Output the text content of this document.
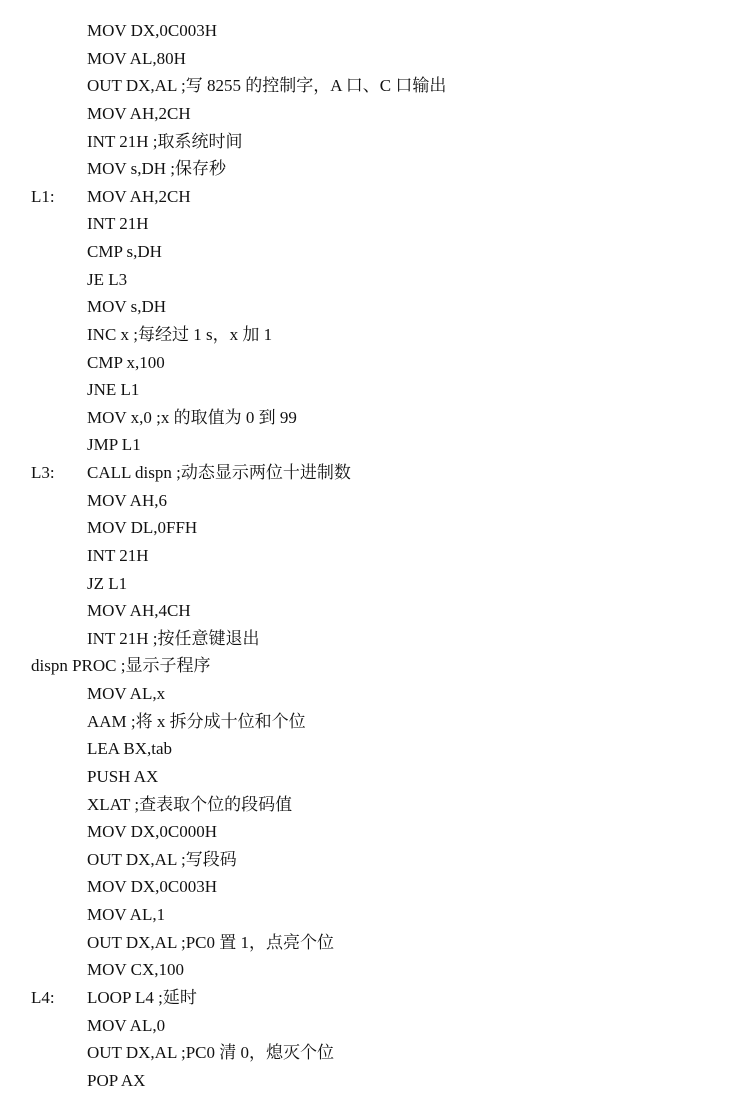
MOV DX,0C003H
MOV AL,80H
OUT DX,AL ;写 8255 的控制字，A 口、C 口输出
MOV AH,2CH
INT 21H ;取系统时间
MOV s,DH ;保存秒
L1: MOV AH,2CH
INT 21H
CMP s,DH
JE L3
MOV s,DH
INC x ;每经过 1 s，x 加 1
CMP x,100
JNE L1
MOV x,0 ;x 的取值为 0 到 99
JMP L1
L3: CALL dispn ;动态显示两位十进制数
MOV AH,6
MOV DL,0FFH
INT 21H
JZ L1
MOV AH,4CH
INT 21H ;按任意键退出
dispn PROC ;显示子程序
MOV AL,x
AAM ;将 x 拆分成十位和个位
LEA BX,tab
PUSH AX
XLAT ;查表取个位的段码值
MOV DX,0C000H
OUT DX,AL ;写段码
MOV DX,0C003H
MOV AL,1
OUT DX,AL ;PC0 置 1，点亮个位
MOV CX,100
L4: LOOP L4 ;延时
MOV AL,0
OUT DX,AL ;PC0 清 0，熄灭个位
POP AX
